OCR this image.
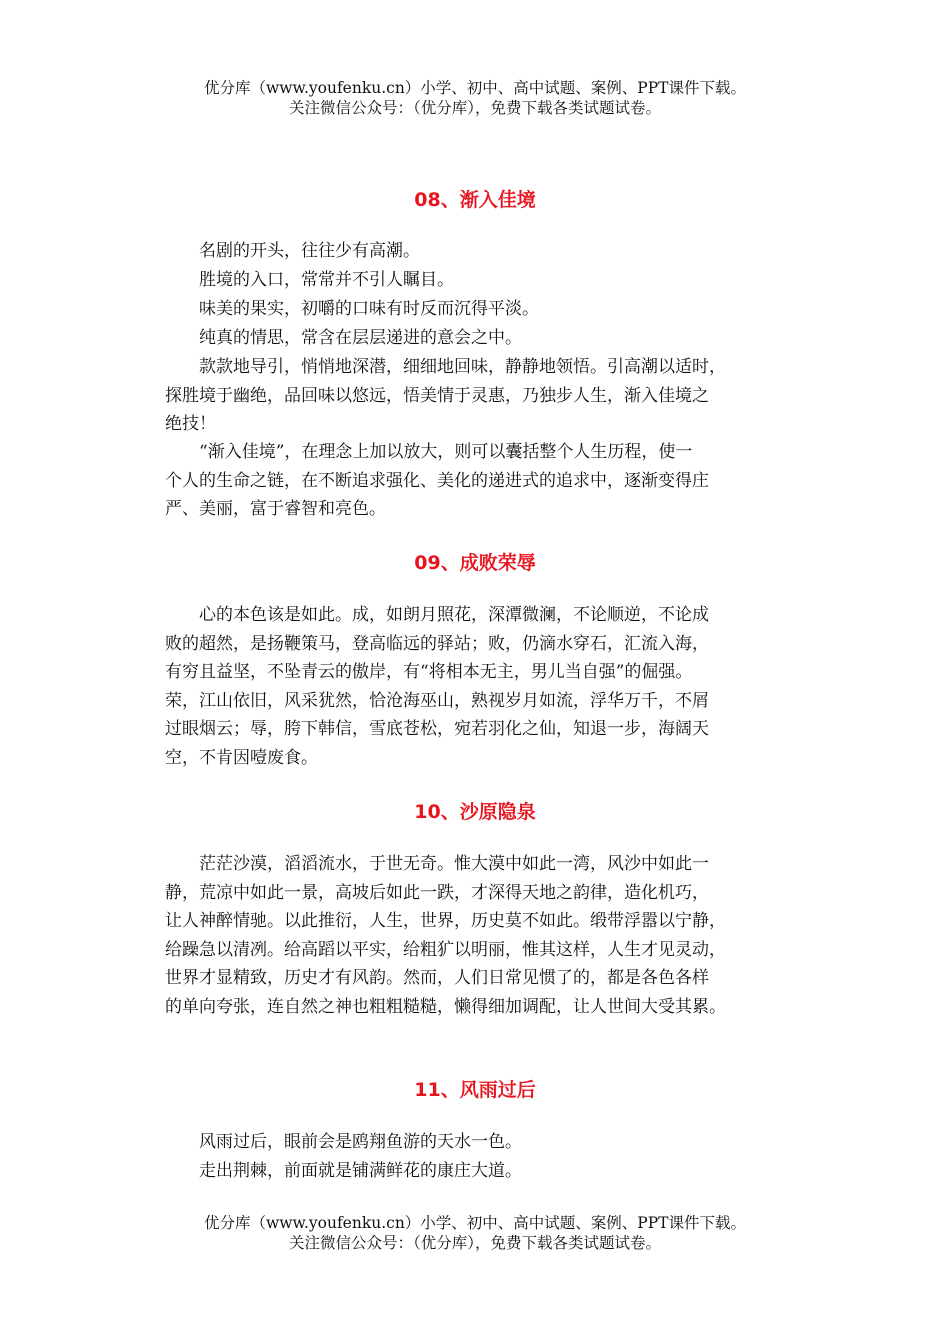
优分库（www.youfenku.cn）小学、初中、高中试题、案例、PPT课件下载。
关注微信公众号：（优分库），免费下载各类试题试卷。
08、渐入佳境
　　名剧的开头，往往少有高潮。
　　胜境的入口，常常并不引人瞩目。
　　味美的果实，初嚼的口味有时反而沉得平淡。
　　纯真的情思，常含在层层递进的意会之中。
　　款款地导引，悄悄地深潜，细细地回味，静静地领悟。引高潮以适时，
探胜境于幽绝，品回味以悠远，悟美情于灵惠，乃独步人生，渐入佳境之
绝技！
　　“渐入佳境”，在理念上加以放大，则可以囊括整个人生历程，使一
个人的生命之链，在不断追求强化、美化的递进式的追求中，逐渐变得庄
严、美丽，富于睿智和亮色。
09、成败荣辱
　　心的本色该是如此。成，如朗月照花，深潭微澜，不论顺逆，不论成
败的超然，是扬鞭策马，登高临远的驿站；败，仍滴水穿石，汇流入海，
有穷且益坚，不坠青云的傲岸，有“将相本无主，男儿当自强”的倔强。
荣，江山依旧，风采犹然，恰沧海巫山，熟视岁月如流，浮华万千，不屑
过眼烟云；辱，胯下韩信，雪底苍松，宛若羽化之仙，知退一步，海阔天
空，不肯因噎废食。
10、沙原隐泉
　　茫茫沙漠，滔滔流水，于世无奇。惟大漠中如此一湾，风沙中如此一
静，荒凉中如此一景，高坡后如此一跌，才深得天地之韵律，造化机巧，
让人神醉情驰。以此推衍，人生，世界，历史莫不如此。缎带浮嚣以宁静，
给躁急以清冽。给高蹈以平实，给粗犷以明丽，惟其这样，人生才见灵动，
世界才显精致，历史才有风韵。然而，人们日常见惯了的，都是各色各样
的单向夸张，连自然之神也粗粗糙糙，懒得细加调配，让人世间大受其累。
11、风雨过后
　　风雨过后，眼前会是鸥翔鱼游的天水一色。
　　走出荆棘，前面就是铺满鲜花的康庄大道。
优分库（www.youfenku.cn）小学、初中、高中试题、案例、PPT课件下载。
关注微信公众号：（优分库），免费下载各类试题试卷。
